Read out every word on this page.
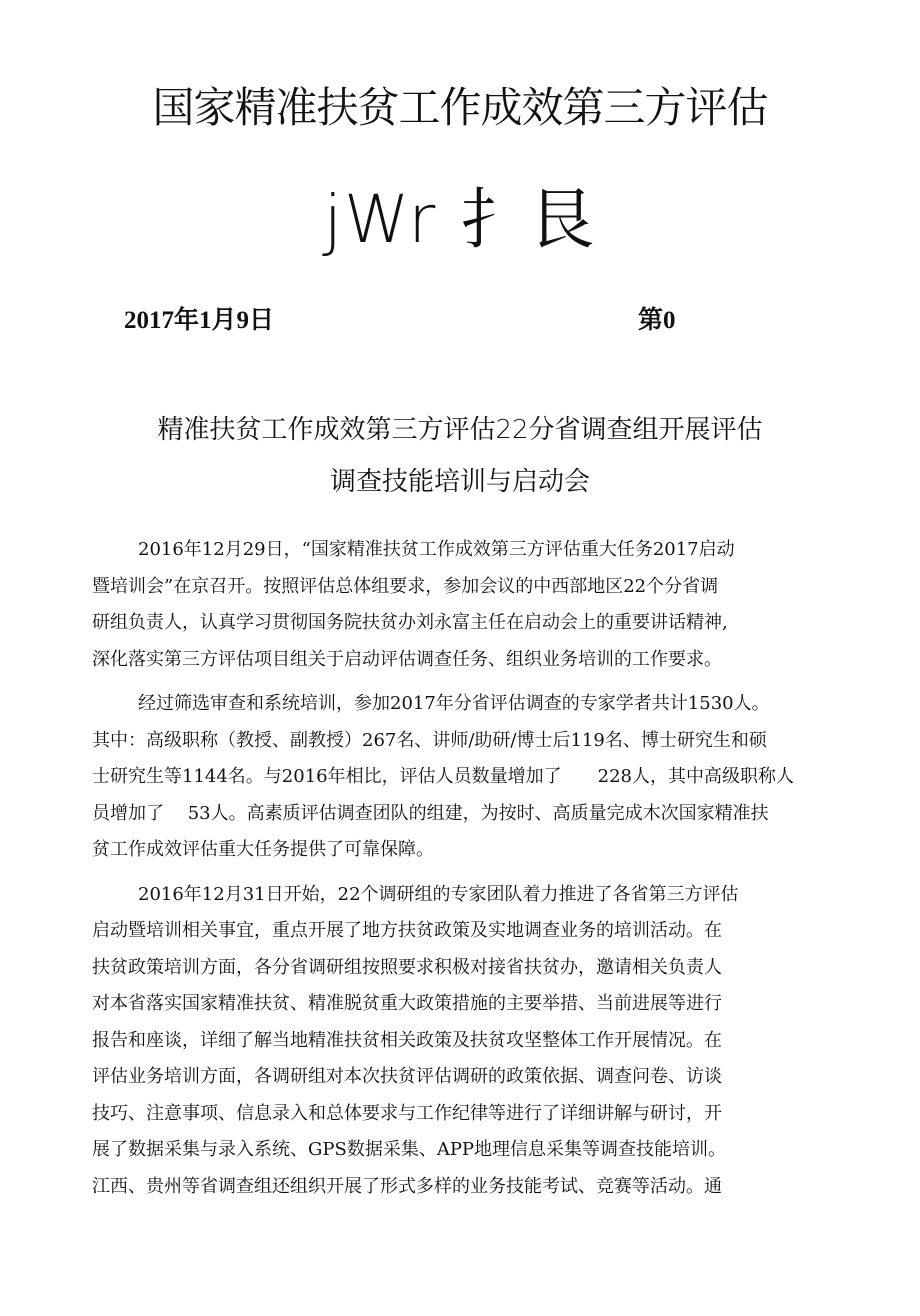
国家精准扶贫工作成效第三方评估
jWr 扌艮
2017年1月9日	第0
精准扶贫工作成效第三方评估22分省调查组开展评估
调查技能培训与启动会

2016年12月29日，“国家精准扶贫工作成效第三方评估重大任务2017启动
暨培训会”在京召开。按照评估总体组要求，参加会议的中西部地区22个分省调
研组负责人，认真学习贯彻国务院扶贫办刘永富主任在启动会上的重要讲话精神,
深化落实第三方评估项目组关于启动评估调查任务、组织业务培训的工作要求。

经过筛选审查和系统培训，参加2017年分省评估调查的专家学者共计1530人。
其中：高级职称（教授、副教授）267名、讲师/助研/博士后119名、博士研究生和硕
士研究生等1144名。与2016年相比，评估人员数量增加了　　228人，其中高级职称人
员增加了　 53人。高素质评估调查团队的组建，为按时、高质量完成木次国家精准扶
贫工作成效评估重大任务提供了可靠保障。

2016年12月31日开始，22个调研组的专家团队着力推进了各省第三方评估
启动暨培训相关事宜，重点开展了地方扶贫政策及实地调查业务的培训活动。在
扶贫政策培训方面，各分省调研组按照要求积极对接省扶贫办，邀请相关负责人
对本省落实国家精准扶贫、精准脱贫重大政策措施的主要举措、当前进展等进行
报告和座谈，详细了解当地精准扶贫相关政策及扶贫攻坚整体工作开展情况。在
评估业务培训方面，各调研组对本次扶贫评估调研的政策依据、调查问卷、访谈
技巧、注意事项、信息录入和总体要求与工作纪律等进行了详细讲解与研讨，开
展了数据采集与录入系统、GPS数据采集、APP地理信息采集等调查技能培训。
江西、贵州等省调查组还组织开展了形式多样的业务技能考试、竞赛等活动。通
